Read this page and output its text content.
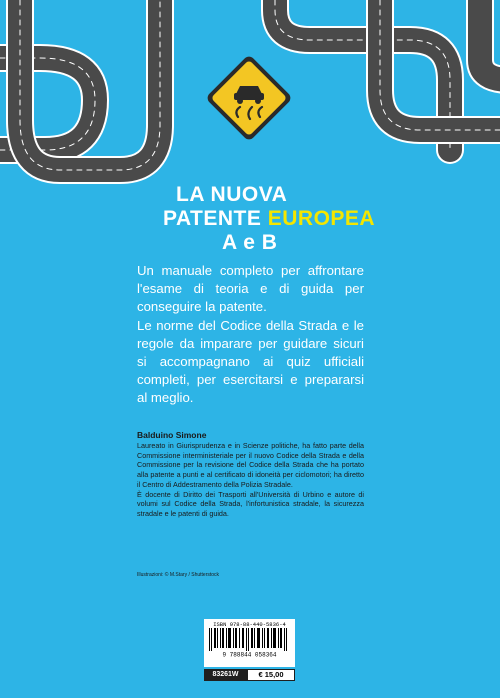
LA NUOVA
PATENTE EUROPEA
A e B

Un manuale completo per affrontare l'esame di teoria e di guida per conseguire la patente.

Le norme del Codice della Strada e le regole da imparare per guidare sicuri si accompagnano ai quiz ufficiali completi, per esercitarsi e prepararsi al meglio.

Balduino Simone

Laureato in Giurisprudenza e in Scienze politiche, ha fatto parte della Commissione interministeriale per il nuovo Codice della Strada e della Commissione per la revisione del Codice della Strada che ha portato alla patente a punti e al certificato di idoneità per ciclomotori; ha diretto il Centro di Addestramento della Polizia Stradale.

È docente di Diritto dei Trasporti all'Università di Urbino e autore di volumi sul Codice della Strada, l'infortunistica stradale, la sicurezza stradale e le patenti di guida.

Illustrazioni: © M.Stary / Shutterstock
ISBN 978-88-440-5836-4
9 788844 058364
83261W	€ 15,00
